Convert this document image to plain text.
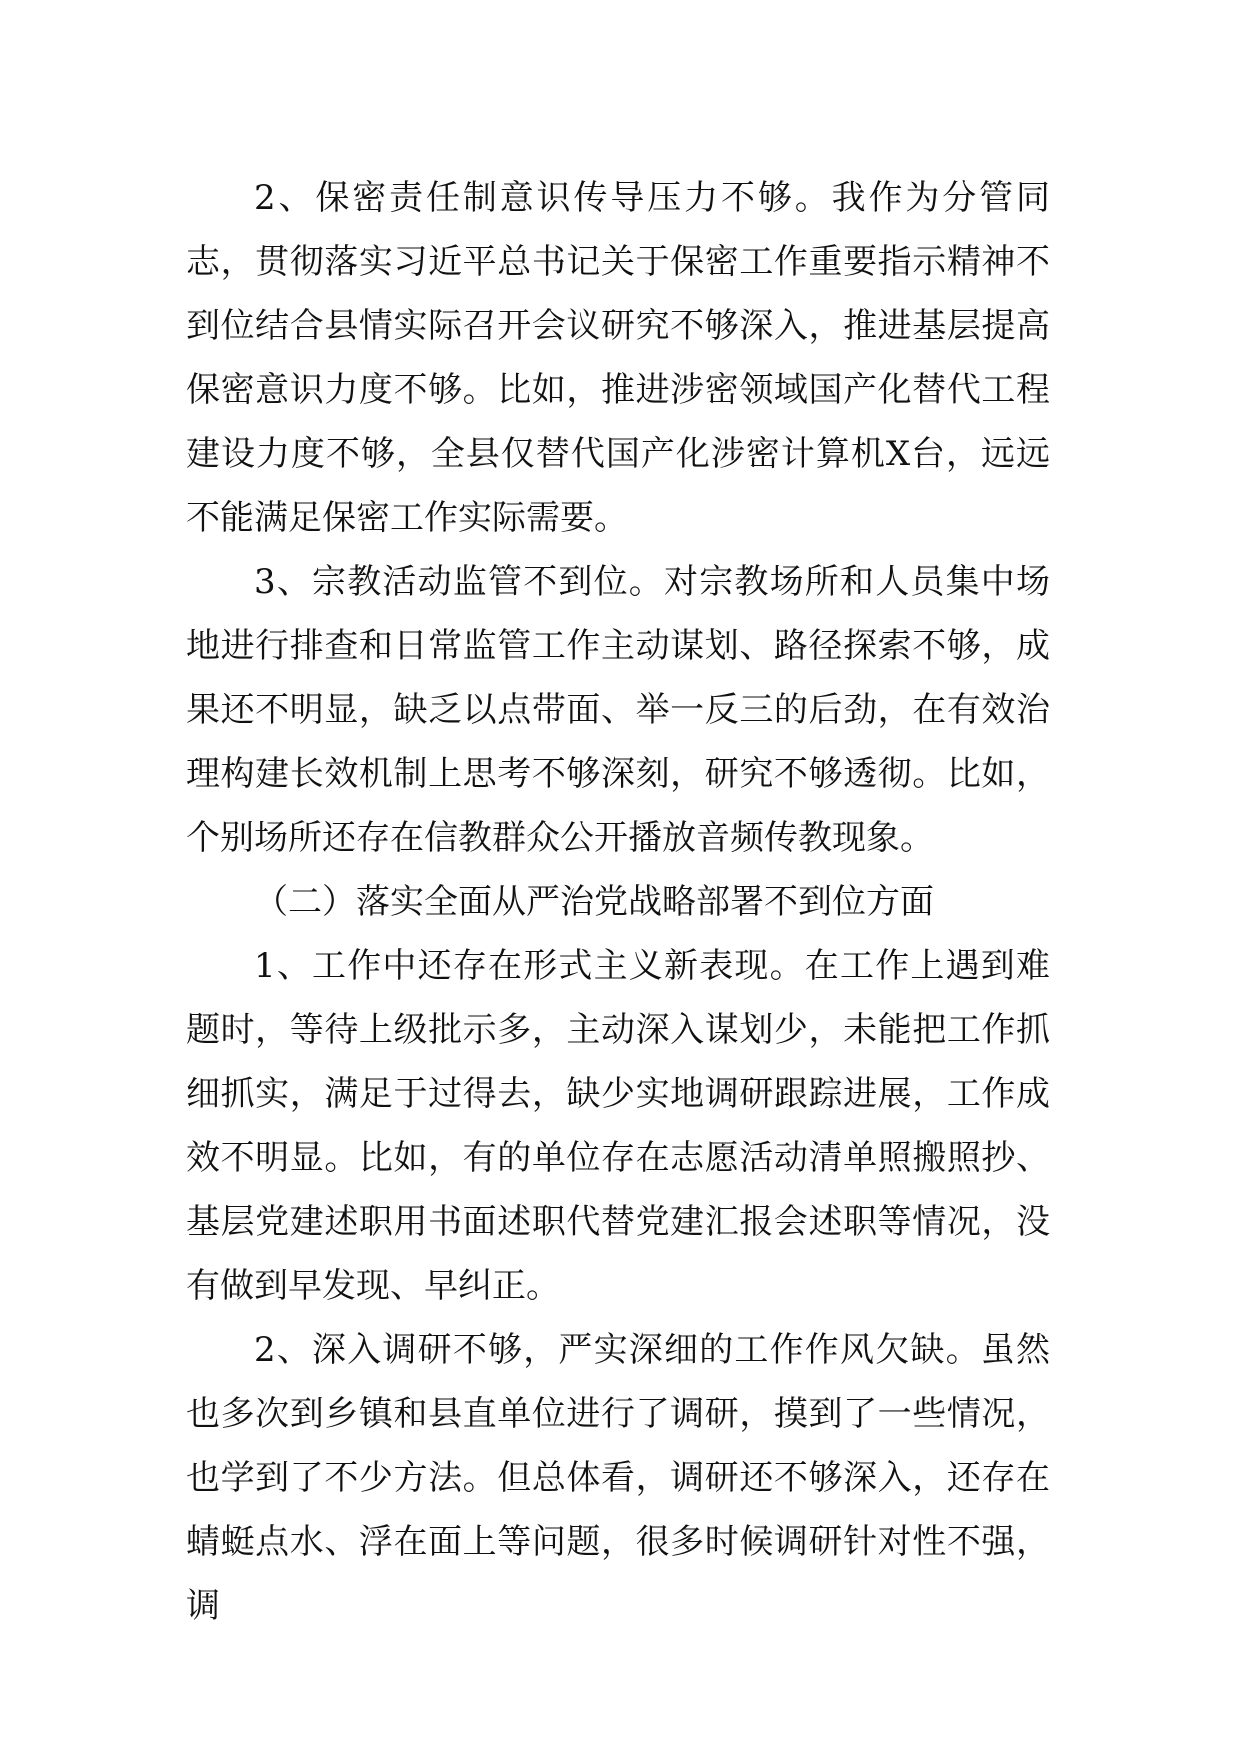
2、保密责任制意识传导压力不够。我作为分管同志，贯彻落实习近平总书记关于保密工作重要指示精神不到位结合县情实际召开会议研究不够深入，推进基层提高保密意识力度不够。比如，推进涉密领域国产化替代工程建设力度不够，全县仅替代国产化涉密计算机X台，远远不能满足保密工作实际需要。

3、宗教活动监管不到位。对宗教场所和人员集中场地进行排查和日常监管工作主动谋划、路径探索不够，成果还不明显，缺乏以点带面、举一反三的后劲，在有效治理构建长效机制上思考不够深刻，研究不够透彻。比如，个别场所还存在信教群众公开播放音频传教现象。

（二）落实全面从严治党战略部署不到位方面

1、工作中还存在形式主义新表现。在工作上遇到难题时，等待上级批示多，主动深入谋划少，未能把工作抓细抓实，满足于过得去，缺少实地调研跟踪进展，工作成效不明显。比如，有的单位存在志愿活动清单照搬照抄、基层党建述职用书面述职代替党建汇报会述职等情况，没有做到早发现、早纠正。

2、深入调研不够，严实深细的工作作风欠缺。虽然也多次到乡镇和县直单位进行了调研，摸到了一些情况，也学到了不少方法。但总体看，调研还不够深入，还存在蜻蜓点水、浮在面上等问题，很多时候调研针对性不强，调
